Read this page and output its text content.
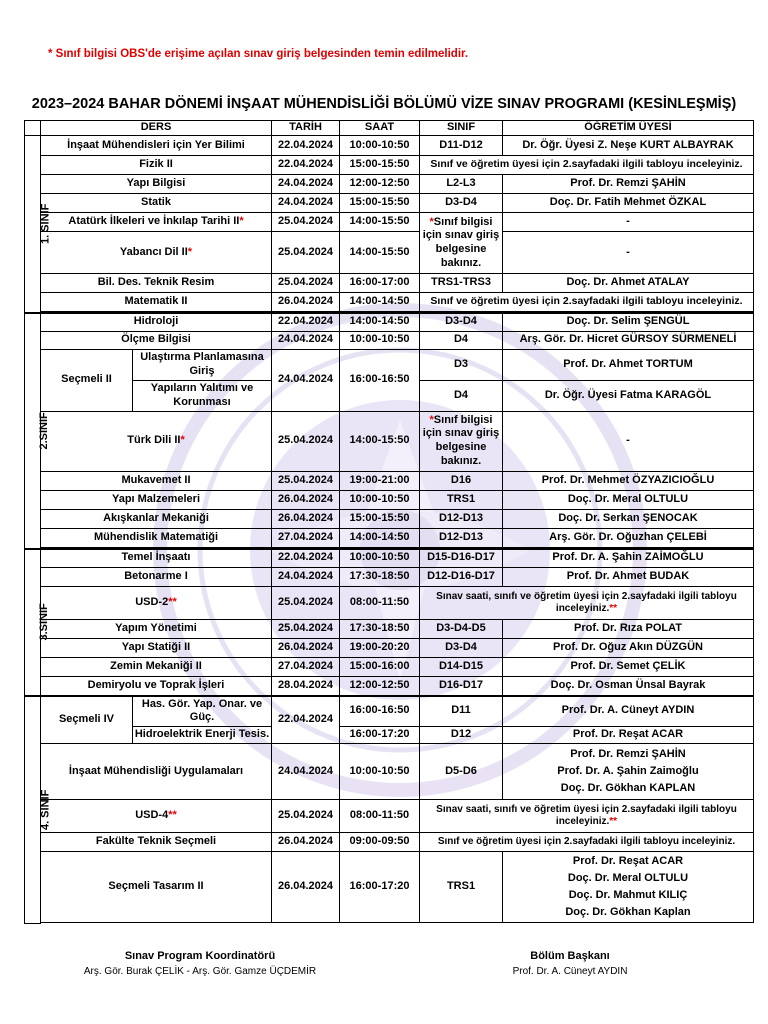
* Sınıf bilgisi OBS'de erişime açılan sınav giriş belgesinden temin edilmelidir.
2023–2024 BAHAR DÖNEMİ İNŞAAT MÜHENDİSLİĞİ BÖLÜMÜ VİZE SINAV PROGRAMI (KESİNLEŞMİŞ)
	DERS		TARİH	SAAT	SINIF	ÖĞRETİM ÜYESİ
1. SINIF	İnşaat Mühendisleri için Yer Bilimi		22.04.2024	10:00-10:50	D11-D12	Dr. Öğr. Üyesi Z. Neşe KURT ALBAYRAK
	Fizik II		22.04.2024	15:00-15:50	Sınıf ve öğretim üyesi için 2.sayfadaki ilgili tabloyu inceleyiniz.	
	Yapı Bilgisi		24.04.2024	12:00-12:50	L2-L3	Prof. Dr. Remzi ŞAHİN
	Statik		24.04.2024	15:00-15:50	D3-D4	Doç. Dr. Fatih Mehmet ÖZKAL
	Atatürk İlkeleri ve İnkılap Tarihi II*		25.04.2024	14:00-15:50	*Sınıf bilgisi için sınav giriş belgesine bakınız.	-
	Yabancı Dil II*		25.04.2024	14:00-15:50		-
	Bil. Des. Teknik Resim		25.04.2024	16:00-17:00	TRS1-TRS3	Doç. Dr. Ahmet ATALAY
	Matematik II		26.04.2024	14:00-14:50	Sınıf ve öğretim üyesi için 2.sayfadaki ilgili tabloyu inceleyiniz.	

2.SINIF	Hidroloji		22.04.2024	14:00-14:50	D3-D4	Doç. Dr. Selim ŞENGÜL
	Ölçme Bilgisi		24.04.2024	10:00-10:50	D4	Arş. Gör. Dr. Hicret GÜRSOY SÜRMENELİ
	Seçmeli II	Ulaştırma Planlamasına Giriş	24.04.2024	16:00-16:50	D3	Prof. Dr. Ahmet TORTUM
		Yapıların Yalıtımı ve Korunması			D4	Dr. Öğr. Üyesi Fatma KARAGÖL
	Türk Dili II*		25.04.2024	14:00-15:50	*Sınıf bilgisi için sınav giriş belgesine bakınız.	-
	Mukavemet II		25.04.2024	19:00-21:00	D16	Prof. Dr. Mehmet ÖZYAZICIOĞLU
	Yapı Malzemeleri		26.04.2024	10:00-10:50	TRS1	Doç. Dr. Meral OLTULU
	Akışkanlar Mekaniği		26.04.2024	15:00-15:50	D12-D13	Doç. Dr. Serkan ŞENOCAK
	Mühendislik Matematiği		27.04.2024	14:00-14:50	D12-D13	Arş. Gör. Dr. Oğuzhan ÇELEBİ

3.SINIF	Temel İnşaatı		22.04.2024	10:00-10:50	D15-D16-D17	Prof. Dr. A. Şahin ZAİMOĞLU
	Betonarme I		24.04.2024	17:30-18:50	D12-D16-D17	Prof. Dr. Ahmet BUDAK
	USD-2**		25.04.2024	08:00-11:50	Sınav saati, sınıfı ve öğretim üyesi için 2.sayfadaki ilgili tabloyu inceleyiniz.**	
	Yapım Yönetimi		25.04.2024	17:30-18:50	D3-D4-D5	Prof. Dr. Rıza POLAT
	Yapı Statiği II		26.04.2024	19:00-20:20	D3-D4	Prof. Dr. Oğuz Akın DÜZGÜN
	Zemin Mekaniği II		27.04.2024	15:00-16:00	D14-D15	Prof. Dr. Semet ÇELİK
	Demiryolu ve Toprak İşleri		28.04.2024	12:00-12:50	D16-D17	Doç. Dr. Osman Ünsal Bayrak
4. SINIF	Seçmeli IV	Has. Gör. Yap. Onar. ve Güç.	22.04.2024	16:00-16:50	D11	Prof. Dr. A. Cüneyt AYDIN
		Hidroelektrik Enerji Tesis.		16:00-17:20	D12	Prof. Dr. Reşat ACAR
	İnşaat Mühendisliği Uygulamaları		24.04.2024	10:00-10:50	D5-D6	Prof. Dr. Remzi ŞAHİN
Prof. Dr. A. Şahin Zaimoğlu
Doç. Dr. Gökhan KAPLAN

	USD-4**		25.04.2024	08:00-11:50	Sınav saati, sınıfı ve öğretim üyesi için 2.sayfadaki ilgili tabloyu inceleyiniz.**	
	Fakülte Teknik Seçmeli		26.04.2024	09:00-09:50	Sınıf ve öğretim üyesi için 2.sayfadaki ilgili tabloyu inceleyiniz.	
	Seçmeli Tasarım II		26.04.2024	16:00-17:20	TRS1	Prof. Dr. Reşat ACAR
Doç. Dr. Meral OLTULU
Doç. Dr. Mahmut KILIÇ
Doç. Dr. Gökhan Kaplan

Sınav Program Koordinatörü
Arş. Gör. Burak ÇELİK - Arş. Gör. Gamze ÜÇDEMİR
Bölüm Başkanı
Prof. Dr. A. Cüneyt AYDIN
